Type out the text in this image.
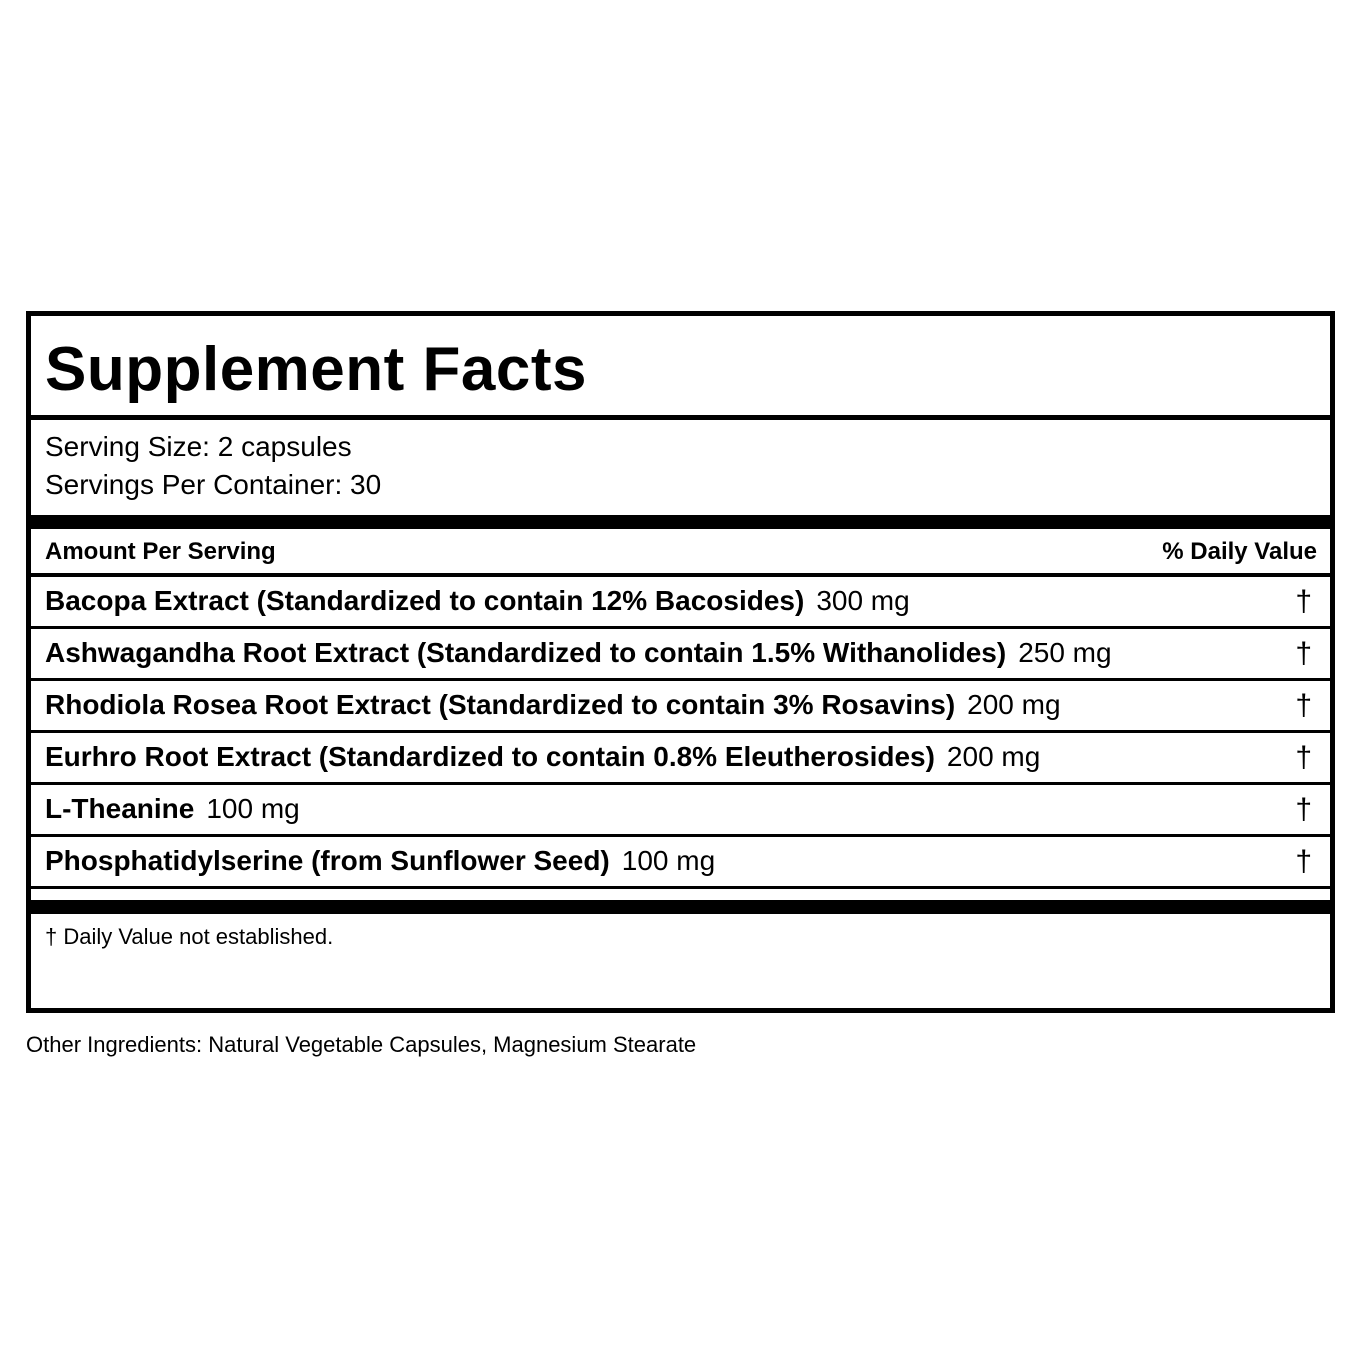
Supplement Facts
Serving Size: 2 capsules
Servings Per Container: 30
Amount Per Serving	% Daily Value
Bacopa Extract (Standardized to contain 12% Bacosides) 300 mg	†
Ashwagandha Root Extract (Standardized to contain 1.5% Withanolides) 250 mg	†
Rhodiola Rosea Root Extract (Standardized to contain 3% Rosavins) 200 mg	†
Eurhro Root Extract (Standardized to contain 0.8% Eleutherosides) 200 mg	†
L-Theanine 100 mg	†
Phosphatidylserine (from Sunflower Seed) 100 mg	†
† Daily Value not established.
Other Ingredients: Natural Vegetable Capsules, Magnesium Stearate
